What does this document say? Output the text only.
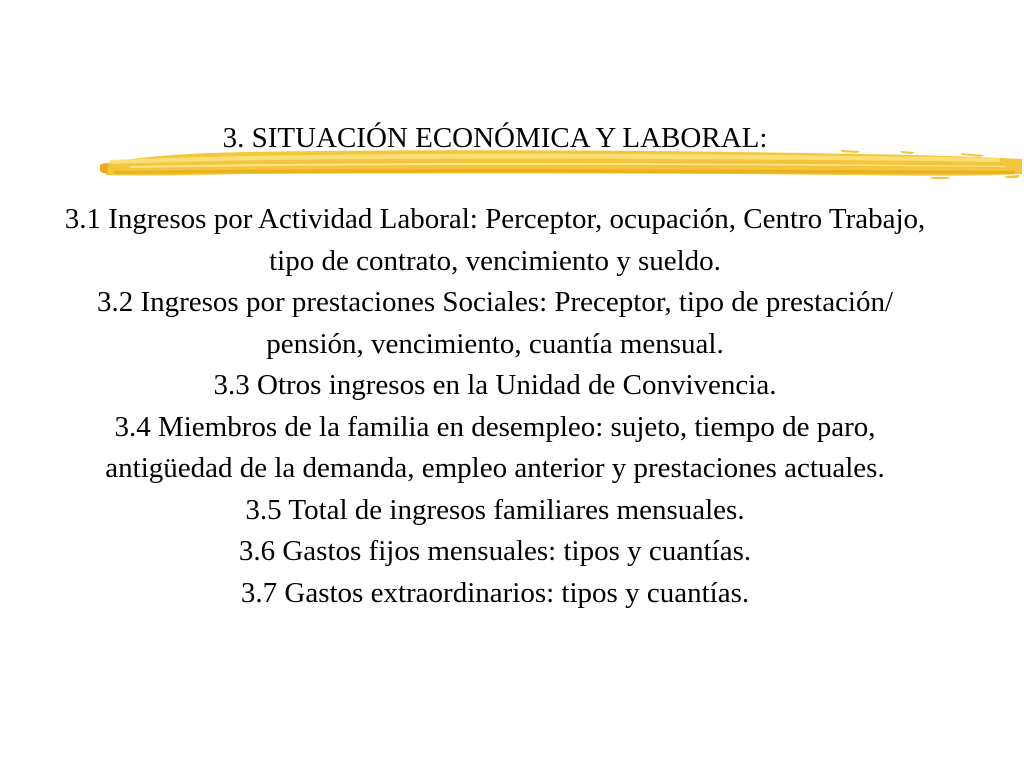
3. SITUACIÓN ECONÓMICA Y LABORAL:
3.1 Ingresos por Actividad Laboral: Perceptor, ocupación, Centro Trabajo, tipo de contrato, vencimiento y sueldo.
3.2 Ingresos por prestaciones Sociales: Preceptor, tipo de prestación/ pensión, vencimiento, cuantía mensual.
3.3 Otros ingresos en la Unidad de Convivencia.
3.4 Miembros de la familia en desempleo: sujeto, tiempo de paro, antigüedad de la demanda, empleo anterior y prestaciones actuales.
3.5 Total de ingresos familiares mensuales.
3.6 Gastos fijos mensuales: tipos y cuantías.
3.7 Gastos extraordinarios: tipos y cuantías.
